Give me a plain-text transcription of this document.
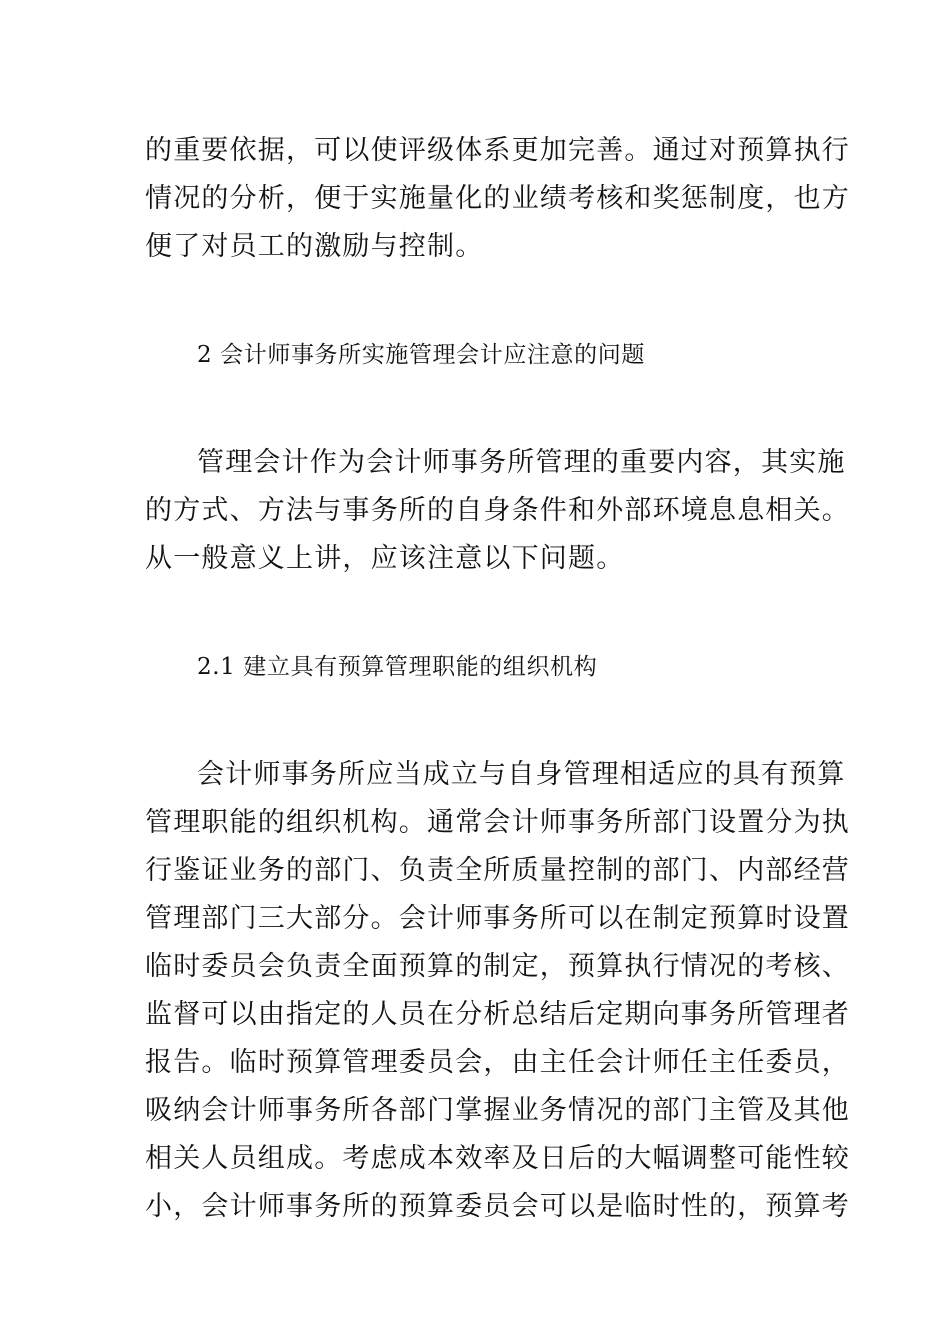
的重要依据，可以使评级体系更加完善。通过对预算执行
情况的分析，便于实施量化的业绩考核和奖惩制度，也方
便了对员工的激励与控制。
2 会计师事务所实施管理会计应注意的问题
管理会计作为会计师事务所管理的重要内容，其实施
的方式、方法与事务所的自身条件和外部环境息息相关。
从一般意义上讲，应该注意以下问题。
2.1 建立具有预算管理职能的组织机构
会计师事务所应当成立与自身管理相适应的具有预算
管理职能的组织机构。通常会计师事务所部门设置分为执
行鉴证业务的部门、负责全所质量控制的部门、内部经营
管理部门三大部分。会计师事务所可以在制定预算时设置
临时委员会负责全面预算的制定，预算执行情况的考核、
监督可以由指定的人员在分析总结后定期向事务所管理者
报告。临时预算管理委员会，由主任会计师任主任委员，
吸纳会计师事务所各部门掌握业务情况的部门主管及其他
相关人员组成。考虑成本效率及日后的大幅调整可能性较
小，会计师事务所的预算委员会可以是临时性的，预算考
